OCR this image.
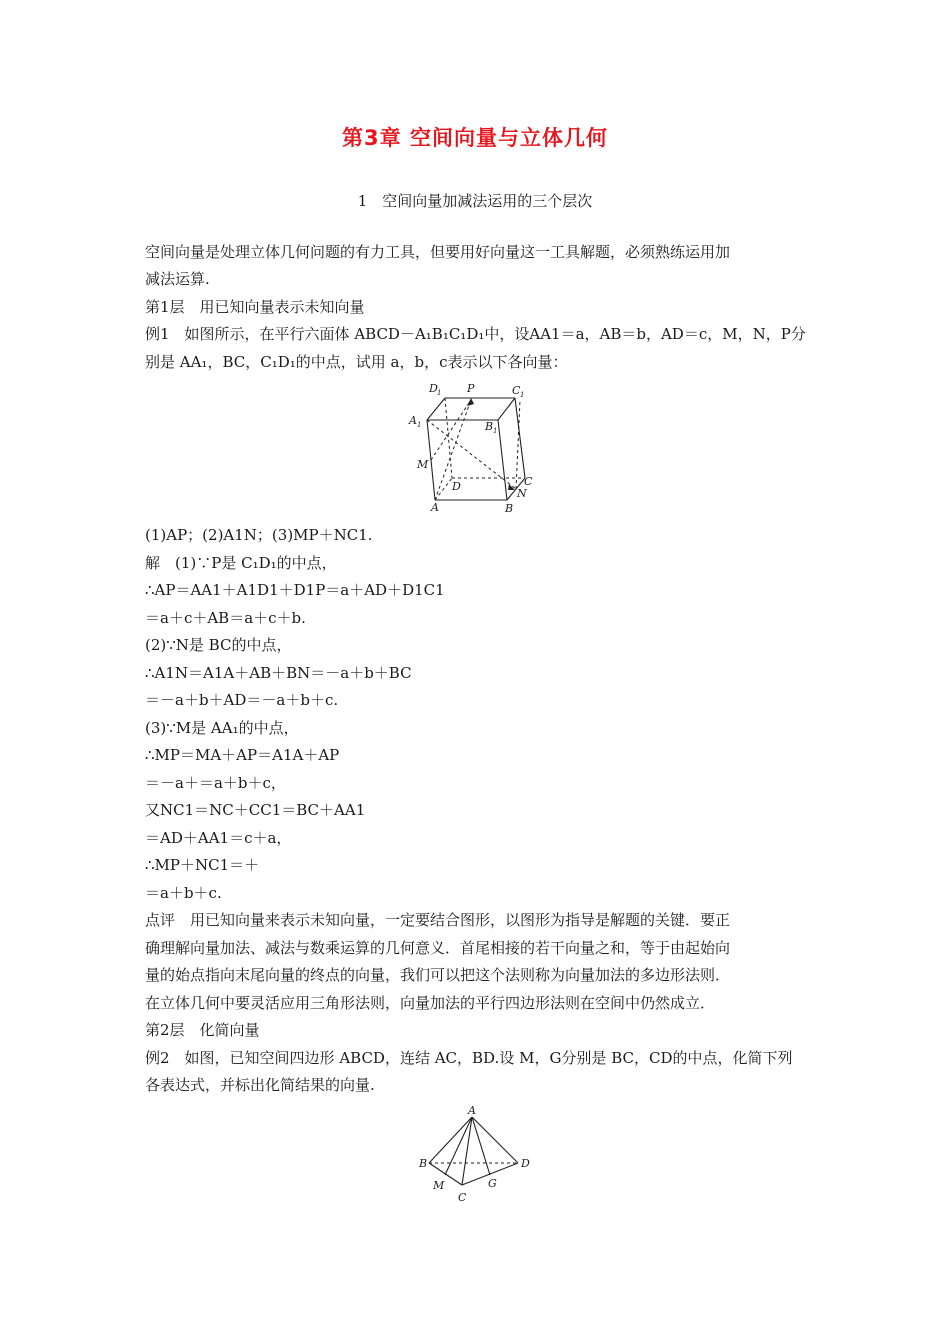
第3章 空间向量与立体几何
1　空间向量加减法运用的三个层次
空间向量是处理立体几何问题的有力工具，但要用好向量这一工具解题，必须熟练运用加
减法运算.
第1层　用已知向量表示未知向量
例1　如图所示，在平行六面体 ABCD－A₁B₁C₁D₁中，设AA1＝a，AB＝b，AD＝c，M，N，P分
别是 AA₁，BC，C₁D₁的中点，试用 a，b，c表示以下各向量：
D 1 P	C 1
A 1	B 1
M
D	C
N
A	B
(1)AP；(2)A1N；(3)MP＋NC1.
解　(1)∵P是 C₁D₁的中点，
∴AP＝AA1＋A1D1＋D1P＝a＋AD＋D1C1
＝a＋c＋AB＝a＋c＋b.
(2)∵N是 BC的中点，
∴A1N＝A1A＋AB＋BN＝－a＋b＋BC
＝－a＋b＋AD＝－a＋b＋c.
(3)∵M是 AA₁的中点，
∴MP＝MA＋AP＝A1A＋AP
＝－a＋＝a＋b＋c，
又NC1＝NC＋CC1＝BC＋AA1
＝AD＋AA1＝c＋a，
∴MP＋NC1＝＋
＝a＋b＋c.
点评　用已知向量来表示未知向量，一定要结合图形，以图形为指导是解题的关键．要正
确理解向量加法、减法与数乘运算的几何意义．首尾相接的若干向量之和，等于由起始向
量的始点指向末尾向量的终点的向量，我们可以把这个法则称为向量加法的多边形法则．
在立体几何中要灵活应用三角形法则，向量加法的平行四边形法则在空间中仍然成立．
第2层　化简向量
例2　如图，已知空间四边形 ABCD，连结 AC，BD.设 M，G分别是 BC，CD的中点，化简下列
各表达式，并标出化简结果的向量.
A
B	D
M	G
C
